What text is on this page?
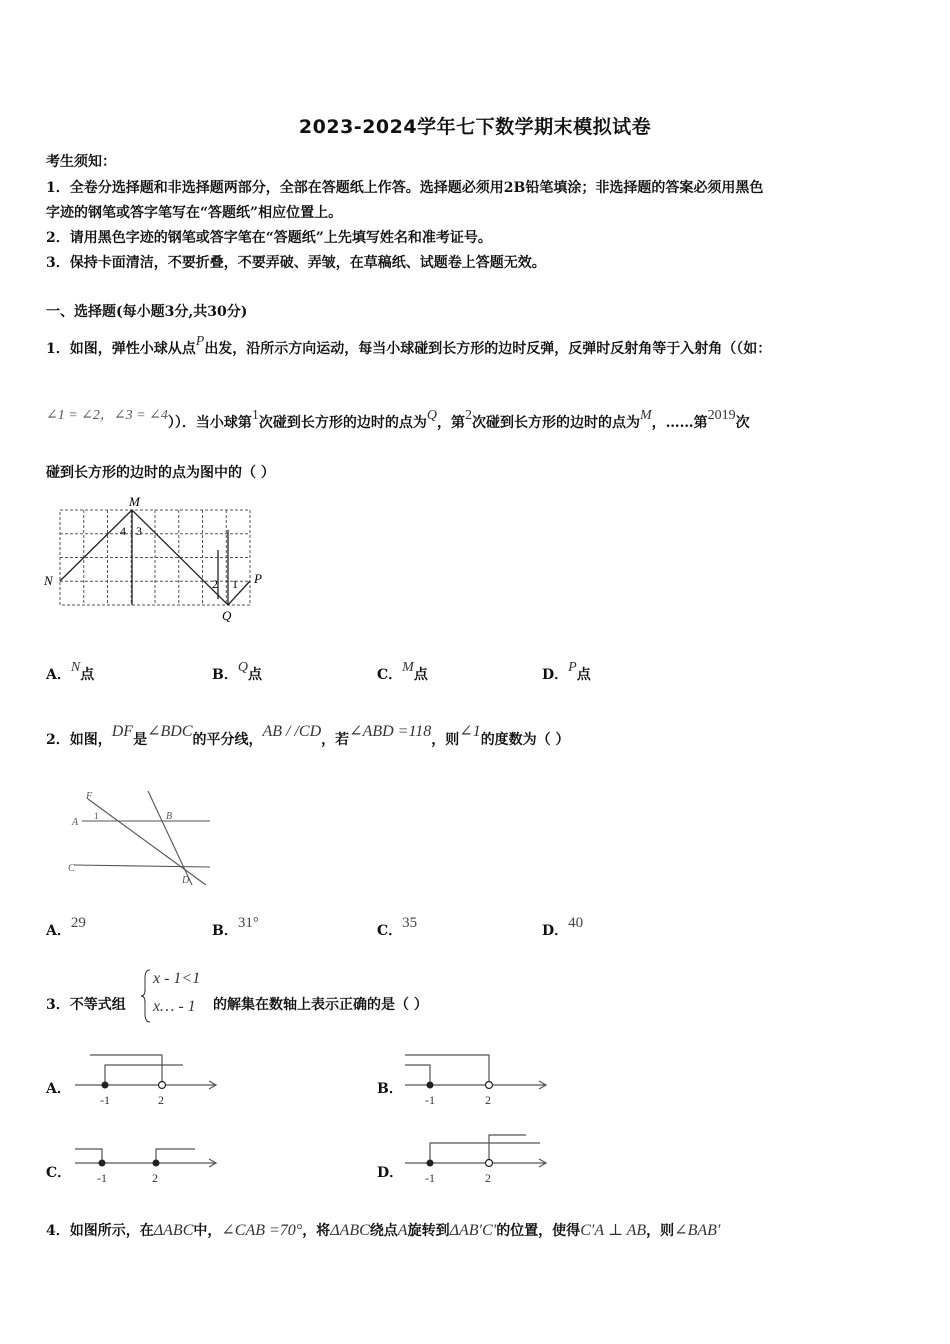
2023-2024学年七下数学期末模拟试卷
考生须知：
1．全卷分选择题和非选择题两部分，全部在答题纸上作答。选择题必须用2B铅笔填涂；非选择题的答案必须用黑色
字迹的钢笔或答字笔写在“答题纸”相应位置上。
2．请用黑色字迹的钢笔或答字笔在“答题纸”上先填写姓名和准考证号。
3．保持卡面清洁，不要折叠，不要弄破、弄皱，在草稿纸、试题卷上答题无效。
一、选择题(每小题3分,共30分)
1．如图，弹性小球从点P出发，沿所示方向运动，每当小球碰到长方形的边时反弹，反弹时反射角等于入射角（（如：
∠1 = ∠2，∠3 = ∠4））．当小球第1次碰到长方形的边时的点为Q，第2次碰到长方形的边时的点为M，……第2019次
碰到长方形的边时的点为图中的（ ）
M
N	P
Q
4 3
2 1
A．N点	B．Q点	C．M点	D．P点
2．如图，DF是∠BDC的平分线，AB / /CD，若∠ABD =118，则∠1的度数为（ ）
F
A
1	B
C
D
A．29	B．31°	C．35	D．40
3．不等式组
x - 1<1
x… - 1 的解集在数轴上表示正确的是（ ）
A．
-1	2
B．
-1	2
C． -1	2	D． -1	2
4．如图所示，在ΔABC中，∠CAB =70°，将ΔABC绕点A旋转到ΔAB′C′的位置，使得C′A ⊥ AB，则∠BAB′
